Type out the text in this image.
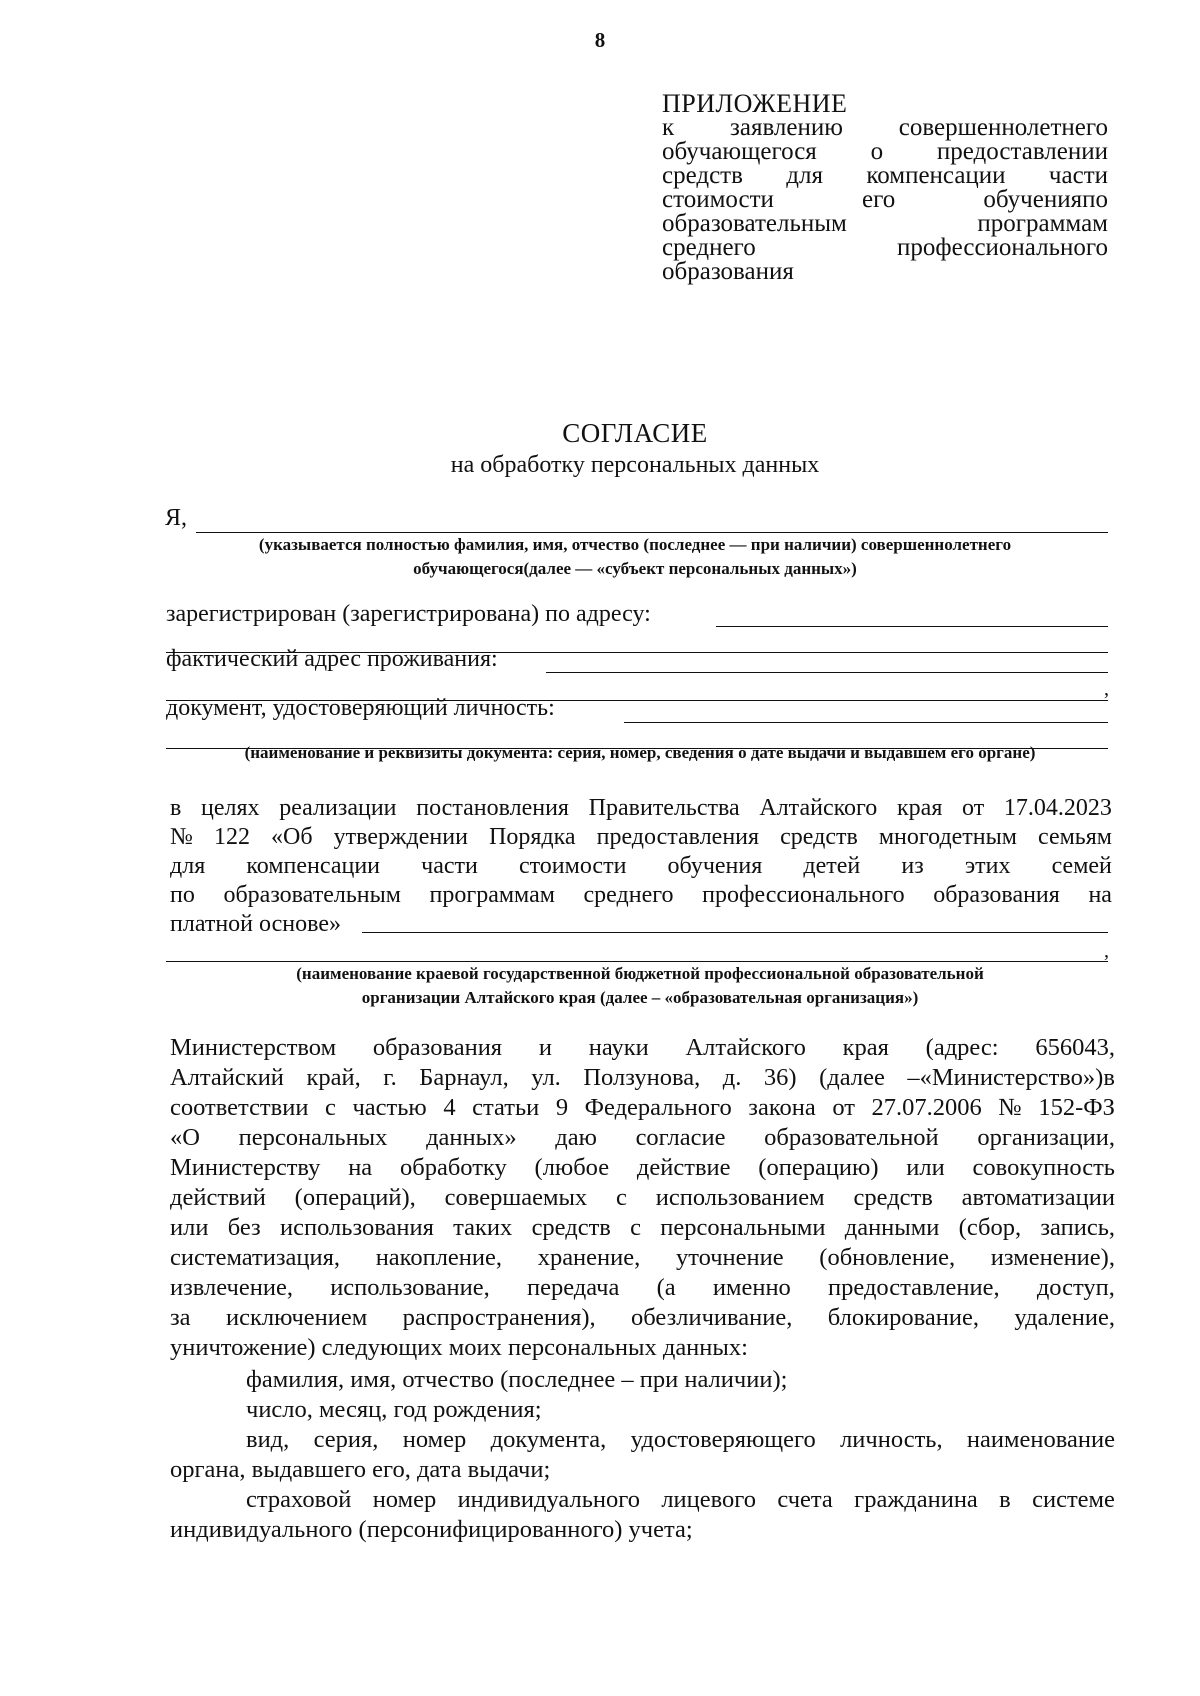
8
ПРИЛОЖЕНИЕ
к заявлению совершеннолетнего
обучающегося о предоставлении
средств для компенсации части
стоимости	его	обученияпо
образовательным	программам
среднего	профессионального
образования
СОГЛАСИЕ
на обработку персональных данных
Я,
(указывается полностью фамилия, имя, отчество (последнее — при наличии) совершеннолетнего
обучающегося(далее — «субъект персональных данных»)
зарегистрирован (зарегистрирована) по адресу:
фактический адрес проживания:
,
документ, удостоверяющий личность:
(наименование и реквизиты документа: серия, номер, сведения о дате выдачи и выдавшем его органе)
в целях реализации постановления Правительства Алтайского края от 17.04.2023
№ 122 «Об утверждении Порядка предоставления средств многодетным семьям
для компенсации части стоимости обучения детей из этих семей
по образовательным программам среднего профессионального образования на
платной основе»
,
(наименование краевой государственной бюджетной профессиональной образовательной
организации Алтайского края (далее – «образовательная организация»)
Министерством образования и науки Алтайского края (адрес: 656043,
Алтайский край, г. Барнаул, ул. Ползунова, д. 36) (далее –«Министерство»)в
соответствии с частью 4 статьи 9 Федерального закона от 27.07.2006 № 152-ФЗ
«О персональных данных» даю согласие образовательной организации,
Министерству на обработку (любое действие (операцию) или совокупность
действий (операций), совершаемых с использованием средств автоматизации
или без использования таких средств с персональными данными (сбор, запись,
систематизация, накопление, хранение, уточнение (обновление, изменение),
извлечение, использование, передача (а именно предоставление, доступ,
за исключением распространения), обезличивание, блокирование, удаление,
уничтожение) следующих моих персональных данных:
фамилия, имя, отчество (последнее – при наличии);
число, месяц, год рождения;
вид, серия, номер документа, удостоверяющего личность, наименование
органа, выдавшего его, дата выдачи;
страховой номер индивидуального лицевого счета гражданина в системе
индивидуального (персонифицированного) учета;
